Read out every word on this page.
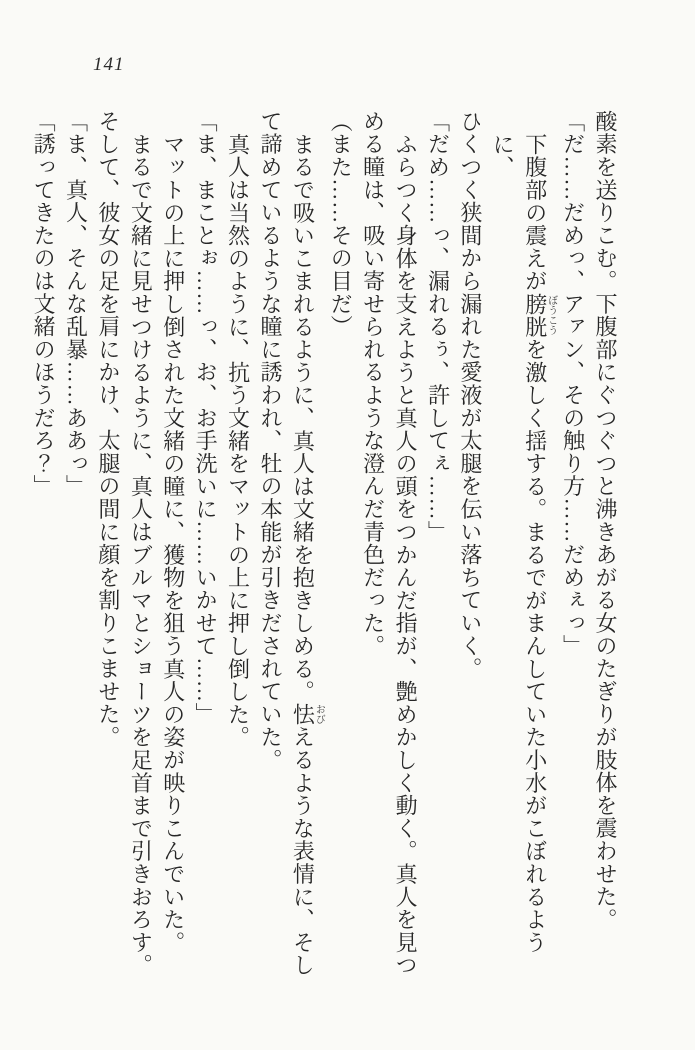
141
酸素を送りこむ。下腹部にぐつぐつと沸きあがる女のたぎりが肢体を震わせた。
「だ……だめっ、アァン、その触り方……だめぇっ」
下腹部の震えが膀胱ぼうこうを激しく揺する。まるでがまんしていた小水がこぼれるように、
ひくつく狭間から漏れた愛液が太腿を伝い落ちていく。
「だめ……っ、漏れるぅ、許してぇ……」
ふらつく身体を支えようと真人の頭をつかんだ指が、艶めかしく動く。真人を見つ
める瞳は、吸い寄せられるような澄んだ青色だった。
（また……その目だ）
まるで吸いこまれるように、真人は文緒を抱きしめる。怯おびえるような表情に、そし
て諦めているような瞳に誘われ、牡の本能が引きだされていた。
真人は当然のように、抗う文緒をマットの上に押し倒した。
「ま、まことぉ……っ、お、お手洗いに……いかせて……」
マットの上に押し倒された文緒の瞳に、獲物を狙う真人の姿が映りこんでいた。
まるで文緒に見せつけるように、真人はブルマとショーツを足首まで引きおろす。
そして、彼女の足を肩にかけ、太腿の間に顔を割りこませた。
「ま、真人、そんな乱暴……ああっ」
「誘ってきたのは文緒のほうだろ？」
